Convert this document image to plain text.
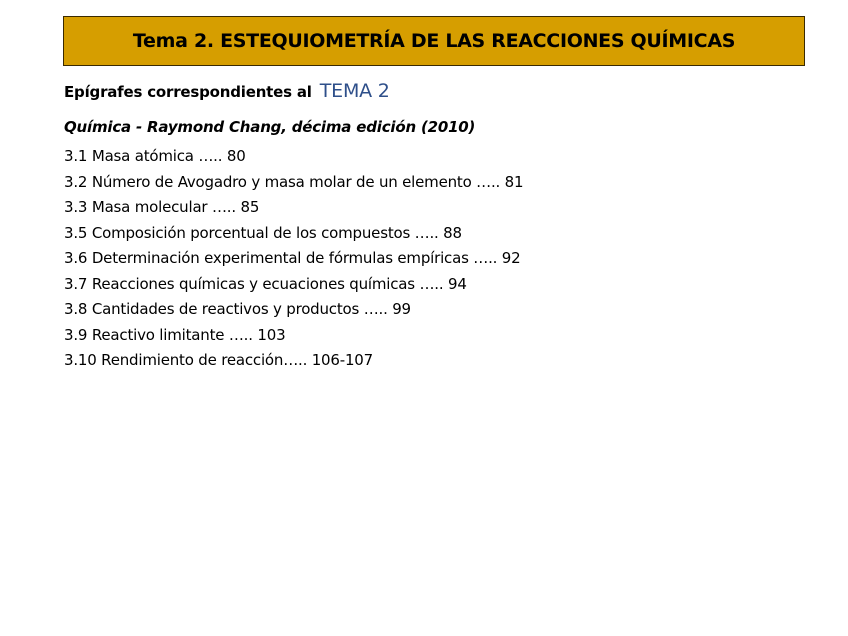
Tema 2. ESTEQUIOMETRÍA DE LAS REACCIONES QUÍMICAS
Epígrafes correspondientes al TEMA 2
Química - Raymond Chang, décima edición (2010)
3.1 Masa atómica ….. 80
3.2 Número de Avogadro y masa molar de un elemento ….. 81
3.3 Masa molecular ….. 85
3.5 Composición porcentual de los compuestos ….. 88
3.6 Determinación experimental de fórmulas empíricas ….. 92
3.7 Reacciones químicas y ecuaciones químicas ….. 94
3.8 Cantidades de reactivos y productos ….. 99
3.9 Reactivo limitante ….. 103
3.10 Rendimiento de reacción….. 106-107
